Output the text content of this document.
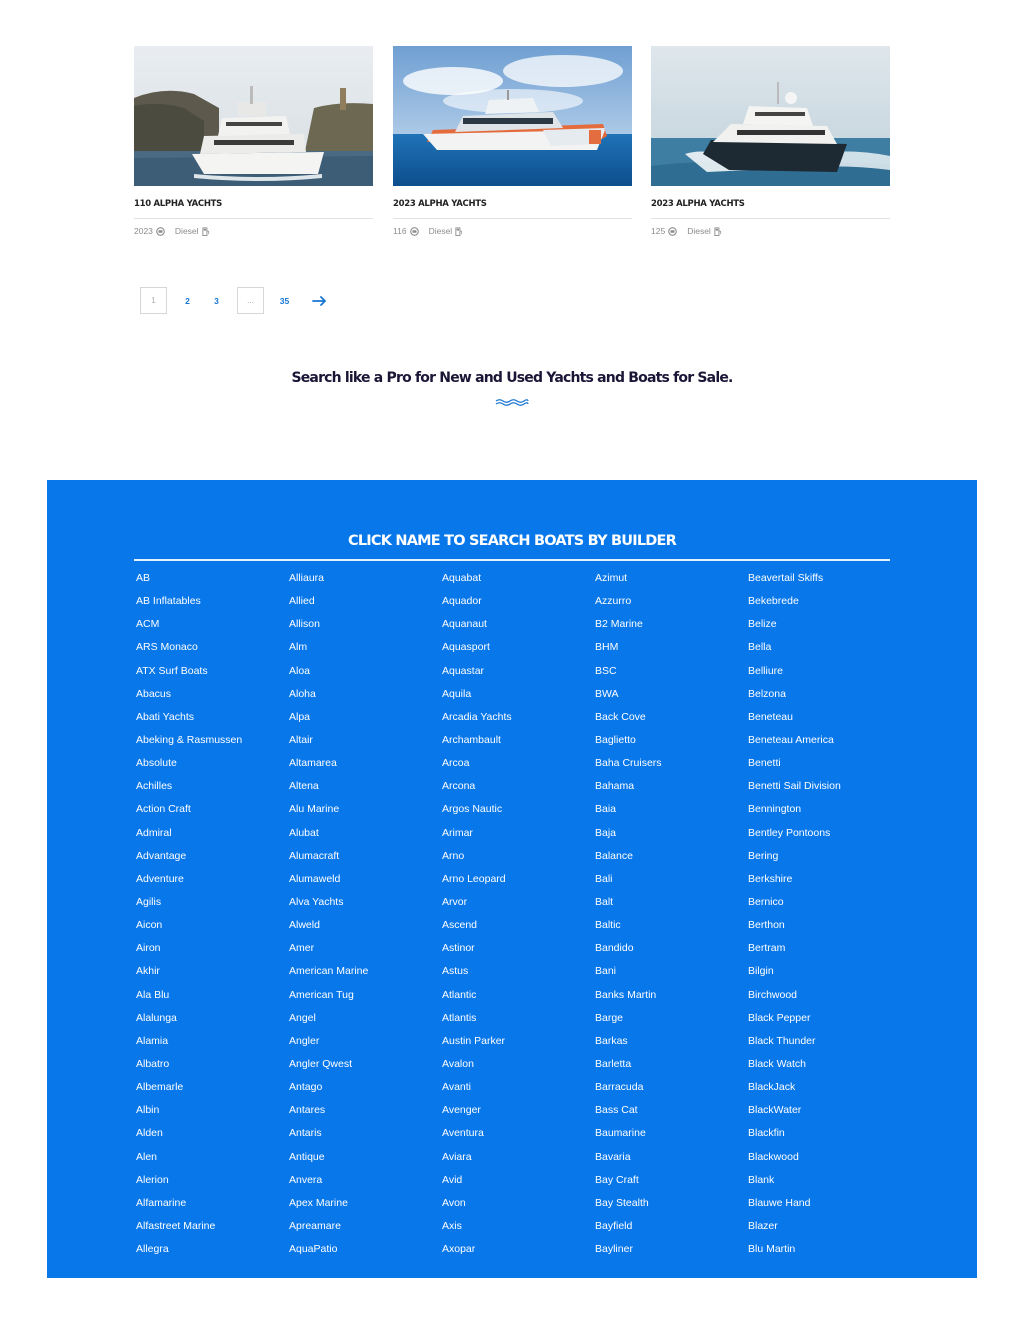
110 ALPHA YACHTS
2023	Diesel
2023 ALPHA YACHTS
116	Diesel
2023 ALPHA YACHTS
125	Diesel
1	2	3	...	35
Search like a Pro for New and Used Yachts and Boats for Sale.
CLICK NAME TO SEARCH BOATS BY BUILDER
AB
AB Inflatables
ACM
ARS Monaco
ATX Surf Boats
Abacus
Abati Yachts
Abeking & Rasmussen
Absolute
Achilles
Action Craft
Admiral
Advantage
Adventure
Agilis
Aicon
Airon
Akhir
Ala Blu
Alalunga
Alamia
Albatro
Albemarle
Albin
Alden
Alen
Alerion
Alfamarine
Alfastreet Marine
Allegra
Alliaura
Allied
Allison
Alm
Aloa
Aloha
Alpa
Altair
Altamarea
Altena
Alu Marine
Alubat
Alumacraft
Alumaweld
Alva Yachts
Alweld
Amer
American Marine
American Tug
Angel
Angler
Angler Qwest
Antago
Antares
Antaris
Antique
Anvera
Apex Marine
Apreamare
AquaPatio
Aquabat
Aquador
Aquanaut
Aquasport
Aquastar
Aquila
Arcadia Yachts
Archambault
Arcoa
Arcona
Argos Nautic
Arimar
Arno
Arno Leopard
Arvor
Ascend
Astinor
Astus
Atlantic
Atlantis
Austin Parker
Avalon
Avanti
Avenger
Aventura
Aviara
Avid
Avon
Axis
Axopar
Azimut
Azzurro
B2 Marine
BHM
BSC
BWA
Back Cove
Baglietto
Baha Cruisers
Bahama
Baia
Baja
Balance
Bali
Balt
Baltic
Bandido
Bani
Banks Martin
Barge
Barkas
Barletta
Barracuda
Bass Cat
Baumarine
Bavaria
Bay Craft
Bay Stealth
Bayfield
Bayliner
Beavertail Skiffs
Bekebrede
Belize
Bella
Belliure
Belzona
Beneteau
Beneteau America
Benetti
Benetti Sail Division
Bennington
Bentley Pontoons
Bering
Berkshire
Bernico
Berthon
Bertram
Bilgin
Birchwood
Black Pepper
Black Thunder
Black Watch
BlackJack
BlackWater
Blackfin
Blackwood
Blank
Blauwe Hand
Blazer
Blu Martin
